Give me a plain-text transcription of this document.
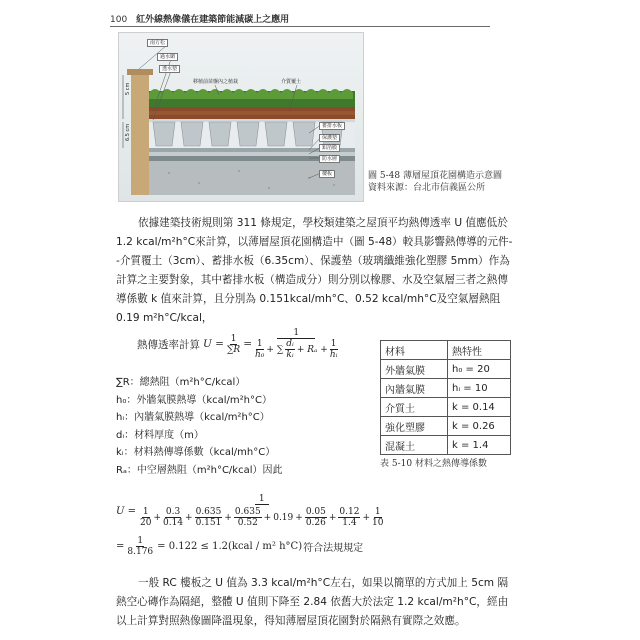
100 紅外線熱像儀在建築節能減碳上之應用
南方松
過水網
透水墊
移植前苗盤內之植栽	介質覆土
蓄排水板
保護墊
鋁箔膜
防水層
樓板
5 cm
6.5 cm
圖 5-48 薄層屋頂花園構造示意圖
資料來源：台北市信義區公所

依據建築技術規則第 311 條規定，學校類建築之屋頂平均熱傳透率 U 值應低於 1.2 kcal/m²h°C來計算，以薄層屋頂花園構造中（圖 5-48）較具影響熱傳導的元件--介質覆土（3cm）、蓄排水板（6.35cm）、保護墊（玻璃纖維強化塑膠 5mm）作為計算之主要對象，其中蓄排水板（構造成分）則分別以橡膠、水及空氣層三者之熱傳導係數 k 值來計算，且分別為 0.151kcal/mh°C、0.52 kcal/mh°C及空氣層熱阻 0.19 m²h°C/kcal，

熱傳透率計算 $U = \frac{1}{\sum R} = \frac{1}{\frac{1}{\text{h₀}} + \sum \frac{\text{dᵢ}}{\text{kᵢ}} + R_a + \frac{1}{\text{hᵢ}}}$
∑R：總熱阻（m²h°C/kcal）
h₀：外牆氣膜熱導（kcal/m²h°C）
hᵢ：內牆氣膜熱導（kcal/m²h°C）
dᵢ：材料厚度（m）
kᵢ：材料熱傳導係數（kcal/mh°C）
Rₐ：中空層熱阻（m²h°C/kcal）因此
材料	熱特性
外牆氣膜	h₀ = 20
內牆氣膜	hᵢ = 10
介質土	k = 0.14
強化塑膠	k = 0.26
混凝土	k = 1.4
表 5-10 材料之熱傳導係數
$U = \frac{1}{\frac{1}{20} + \frac{0.3}{0.14} + \frac{0.635}{0.151} + \frac{0.635}{0.52} + 0.19 + \frac{0.05}{0.26} + \frac{0.12}{1.4} + \frac{1}{10}}$
= $\frac{1}{8.176} = 0.122$ ≤ 1.2(kcal / m² h°C) 符合法規規定

一般 RC 樓板之 U 值為 3.3 kcal/m²h°C左右，如果以簡單的方式加上 5cm 隔熱空心磚作為隔絕，整體 U 值則下降至 2.84 依舊大於法定 1.2 kcal/m²h°C，經由以上計算對照熱像圖降溫現象，得知薄層屋頂花園對於隔熱有實際之效應。
